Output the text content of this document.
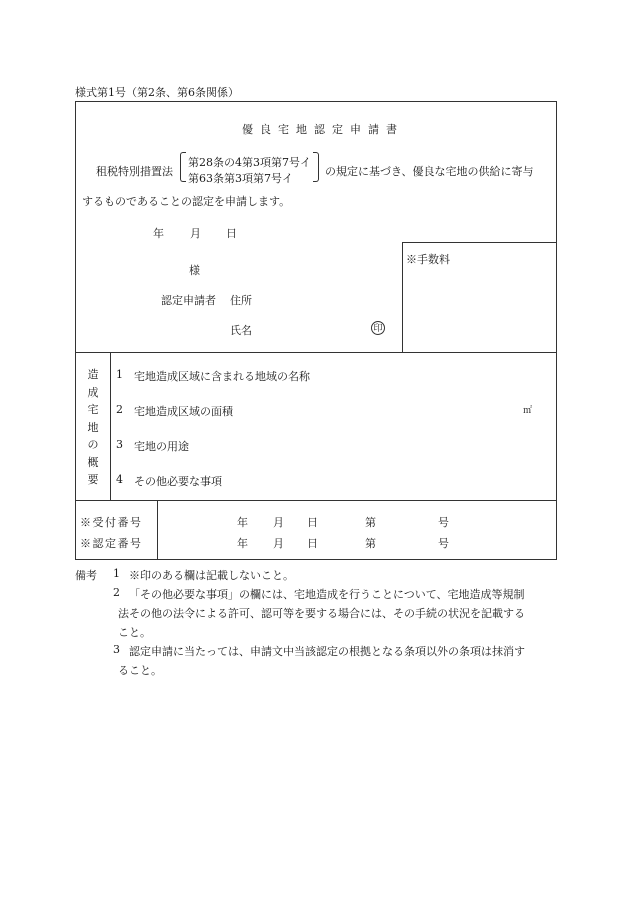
様式第1号（第2条、第6条関係）
優良宅地認定申請書
租税特別措置法
第28条の4第3項第7号イ
第63条第3項第7号イ
の規定に基づき、優良な宅地の供給に寄与
するものであることの認定を申請します。
年 月 日
※手数料
様
認定申請者 住所
氏名	印
造成宅地の概要
1 宅地造成区域に含まれる地域の名称
2 宅地造成区域の面積	㎡
3 宅地の用途
4 その他必要な事項
※受付番号	年 月 日	第	号
※認定番号	年 月 日	第	号
備考 1 ※印のある欄は記載しないこと。
2 「その他必要な事項」の欄には、宅地造成を行うことについて、宅地造成等規制
法その他の法令による許可、認可等を要する場合には、その手続の状況を記載する
こと。
3 認定申請に当たっては、申請文中当該認定の根拠となる条項以外の条項は抹消す
ること。
